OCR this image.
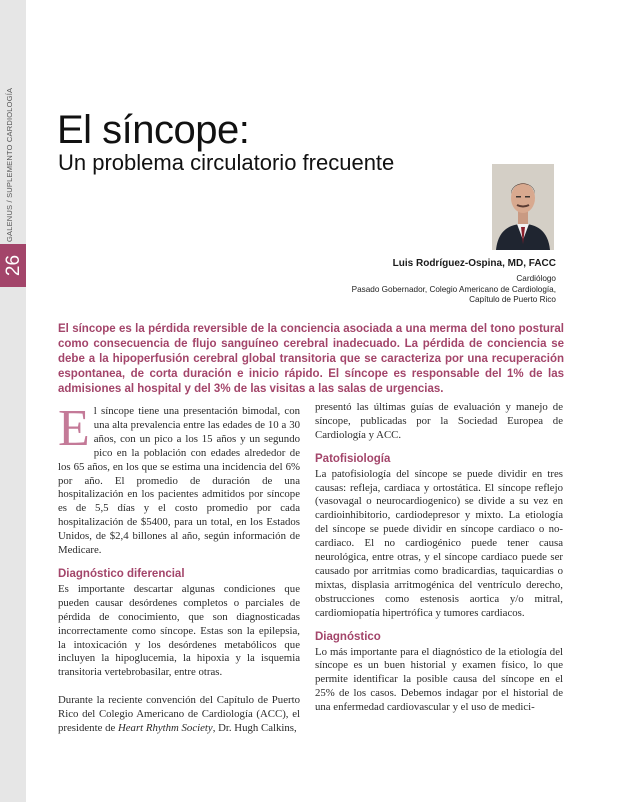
26
GALENUS / SUPLEMENTO CARDIOLOGÍA El síncope:
Un problema circulatorio frecuente
Luis Rodríguez-Ospina, MD, FACC
Cardiólogo
Pasado Gobernador, Colegio Americano de Cardiología,
Capítulo de Puerto Rico

El síncope es la pérdida reversible de la conciencia asociada a una merma del tono postural como consecuencia de flujo sanguíneo cerebral inadecuado. La pérdida de conciencia se debe a la hipoperfusión cerebral global transitoria que se caracteriza por una recuperación espontanea, de corta duración e inicio rápido. El síncope es responsable del 1% de las admisiones al hospital y del 3% de las visitas a las salas de urgencias.

El síncope tiene una presentación bimodal, con una alta prevalencia entre las edades de 10 a 30 años, con un pico a los 15 años y un segundo pico en la población con edades alrededor de los 65 años, en los que se estima una incidencia del 6% por año. El promedio de duración de una hospitalización en los pacientes admitidos por síncope es de 5,5 días y el costo promedio por cada hospitalización de $5400, para un total, en los Estados Unidos, de $2,4 billones al año, según información de Medicare.

Diagnóstico diferencial

Es importante descartar algunas condiciones que pueden causar desórdenes completos o parciales de pérdida de conocimiento, que son diagnosticadas incorrectamente como síncope. Estas son la epilepsia, la intoxicación y los desórdenes metabólicos que incluyen la hipoglucemia, la hipoxia y la isquemia transitoria vertebrobasilar, entre otras.

Durante la reciente convención del Capítulo de Puerto Rico del Colegio Americano de Cardiología (ACC), el presidente de Heart Rhythm Society, Dr. Hugh Calkins,

presentó las últimas guías de evaluación y manejo de síncope, publicadas por la Sociedad Europea de Cardiología y ACC.

Patofisiología

La patofisiología del síncope se puede dividir en tres causas: refleja, cardiaca y ortostática. El síncope reflejo (vasovagal o neurocardiogenico) se divide a su vez en cardioinhibitorio, cardiodepresor y mixto. La etiología del síncope se puede dividir en síncope cardiaco o no-cardiaco. El no cardiogénico puede tener causa neurológica, entre otras, y el síncope cardiaco puede ser causado por arritmias como bradicardias, taquicardias o mixtas, displasia arritmogénica del ventrículo derecho, obstrucciones como estenosis aortica y/o mitral, cardiomiopatía hipertrófica y tumores cardiacos.

Diagnóstico

Lo más importante para el diagnóstico de la etiología del síncope es un buen historial y examen físico, lo que permite identificar la posible causa del síncope en el 25% de los casos. Debemos indagar por el historial de una enfermedad cardiovascular y el uso de medici-
